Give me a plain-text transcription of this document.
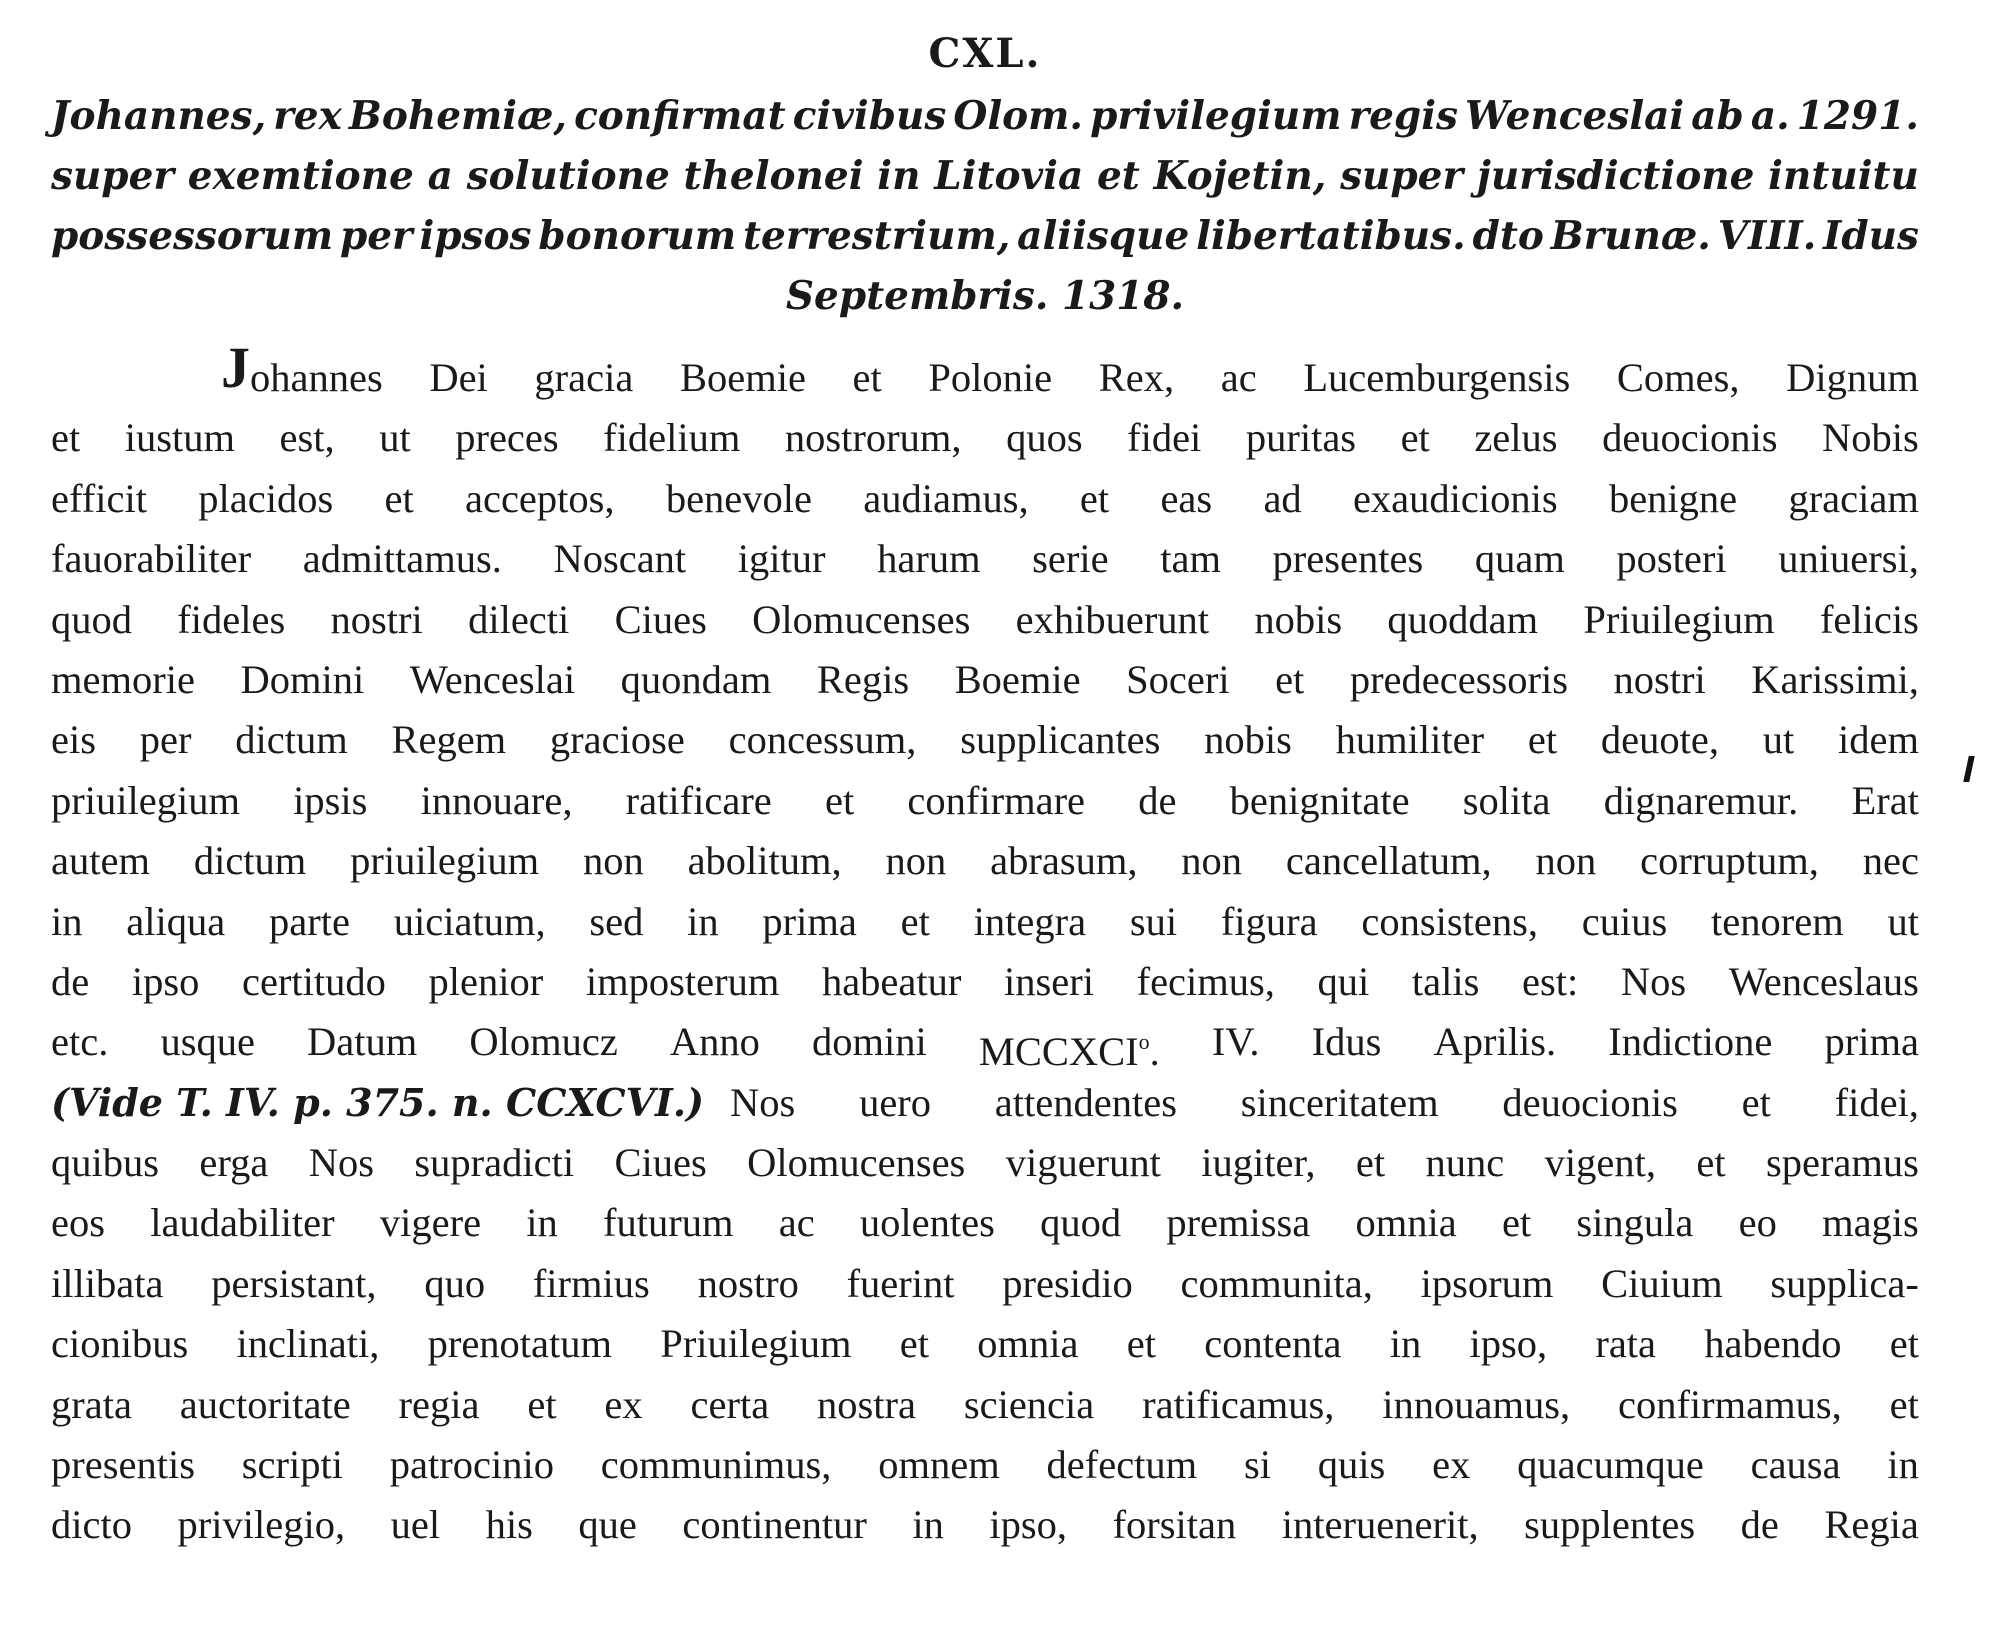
CXL.
Johannes, rex Bohemiæ, confirmat civibus Olom. privilegium regis Wenceslai ab a. 1291.
super exemtione a solutione thelonei in Litovia et Kojetin, super jurisdictione intuitu
possessorum per ipsos bonorum terrestrium, aliisque libertatibus. dto Brunæ. VIII. Idus
Septembris. 1318.
J ohannes Dei gracia Boemie et Polonie Rex, ac Lucemburgensis Comes, Dignum
et iustum est, ut preces fidelium nostrorum, quos fidei puritas et zelus deuocionis Nobis
efficit placidos et acceptos, benevole audiamus, et eas ad exaudicionis benigne graciam
fauorabiliter admittamus. Noscant igitur harum serie tam presentes quam posteri uniuersi,
quod fideles nostri dilecti Ciues Olomucenses exhibuerunt nobis quoddam Priuilegium felicis
memorie Domini Wenceslai quondam Regis Boemie Soceri et predecessoris nostri Karissimi,
eis per dictum Regem graciose concessum, supplicantes nobis humiliter et deuote, ut idem
priuilegium ipsis innouare, ratificare et confirmare de benignitate solita dignaremur. Erat
autem dictum priuilegium non abolitum, non abrasum, non cancellatum, non corruptum, nec
in aliqua parte uiciatum, sed in prima et integra sui figura consistens, cuius tenorem ut
de ipso certitudo plenior imposterum habeatur inseri fecimus, qui talis est: Nos Wenceslaus
etc. usque Datum Olomucz Anno domini MCCXCI$^o$. IV. Idus Aprilis. Indictione prima
(Vide T. IV. p. 375. n. CCXCVI.) Nos uero attendentes sinceritatem deuocionis et fidei,
quibus erga Nos supradicti Ciues Olomucenses viguerunt iugiter, et nunc vigent, et speramus
eos laudabiliter vigere in futurum ac uolentes quod premissa omnia et singula eo magis
illibata persistant, quo firmius nostro fuerint presidio communita, ipsorum Ciuium supplica-
cionibus inclinati, prenotatum Priuilegium et omnia et contenta in ipso, rata habendo et
grata auctoritate regia et ex certa nostra sciencia ratificamus, innouamus, confirmamus, et
presentis scripti patrocinio communimus, omnem defectum si quis ex quacumque causa in
dicto privilegio, uel his que continentur in ipso, forsitan interuenerit, supplentes de Regia
